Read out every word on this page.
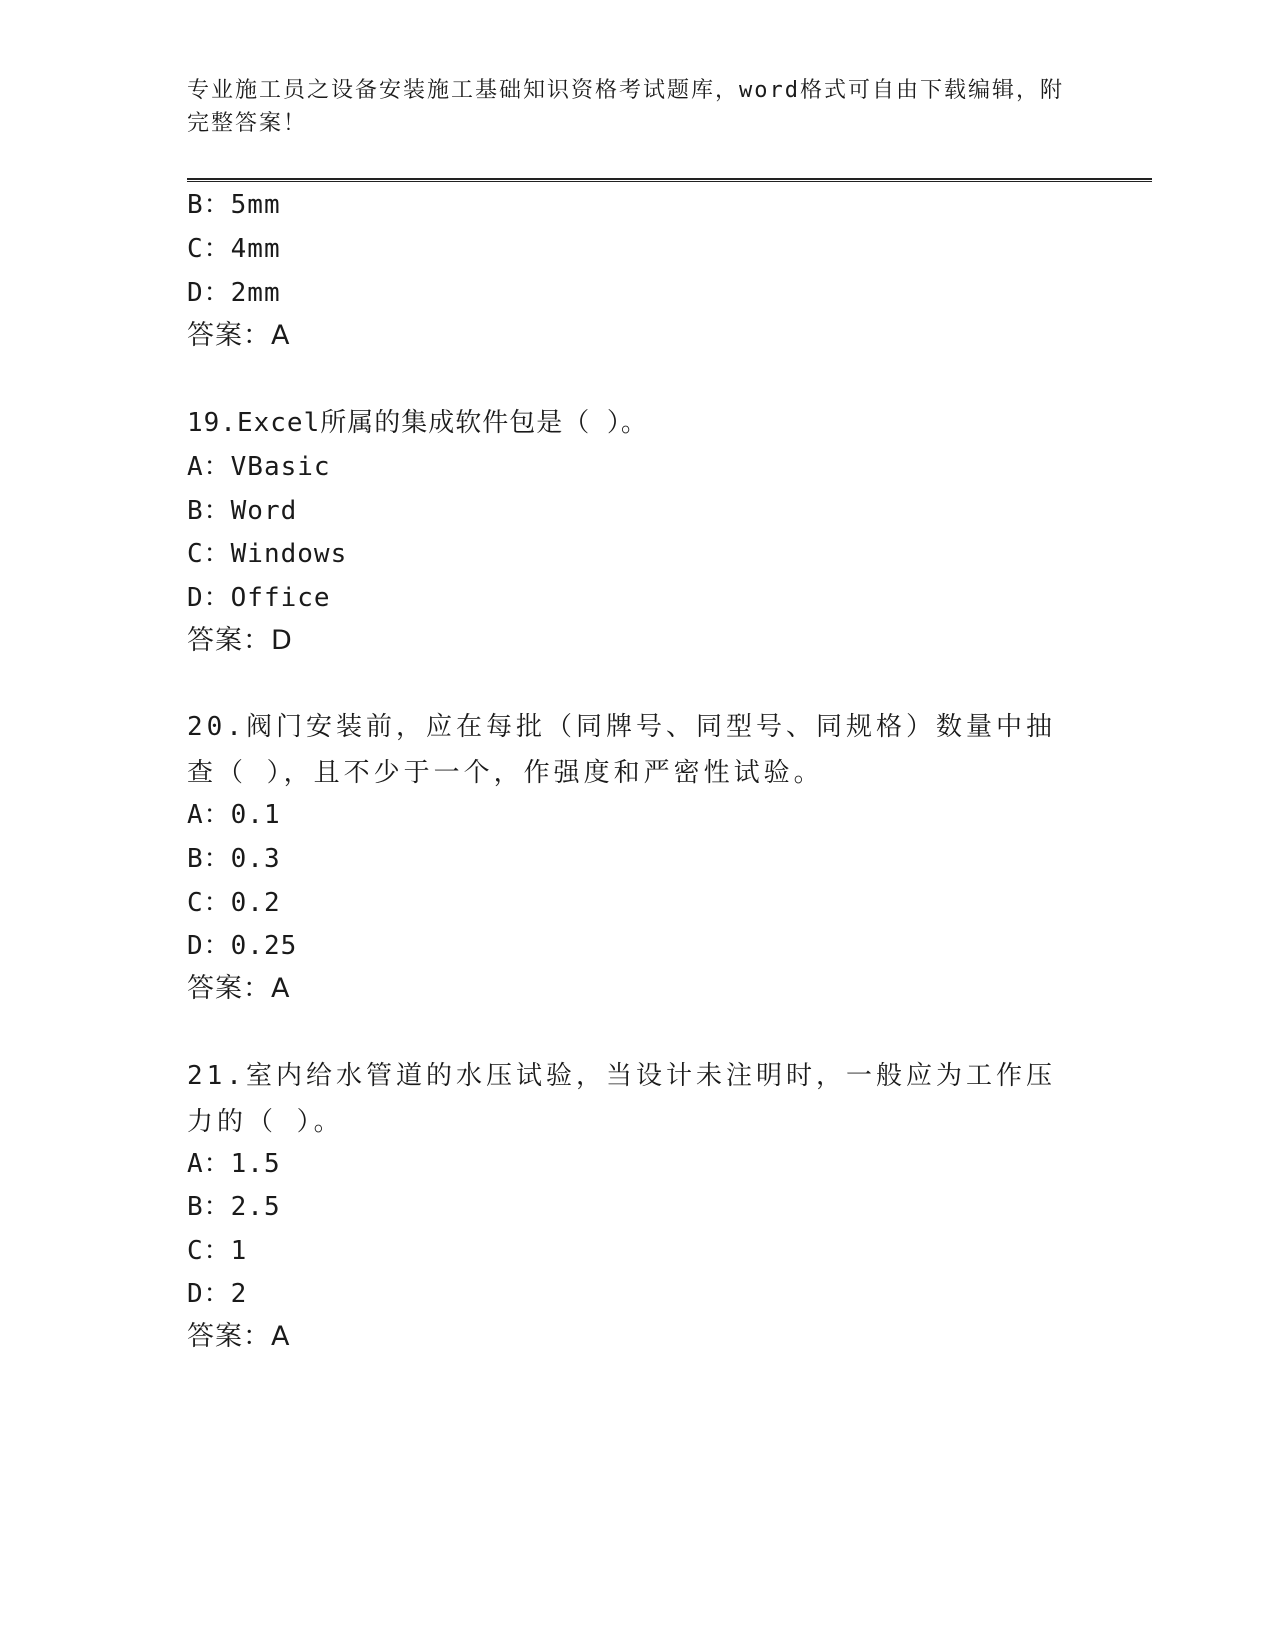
专业施工员之设备安装施工基础知识资格考试题库，word格式可自由下载编辑，附完整答案！
B：5mm
C：4mm
D：2mm
答案：A
19.Excel所属的集成软件包是（ ）。
A：VBasic
B：Word
C：Windows
D：Office
答案：D
20.阀门安装前，应在每批（同牌号、同型号、同规格）数量中抽查（ ），且不少于一个，作强度和严密性试验。
A：0.1
B：0.3
C：0.2
D：0.25
答案：A
21.室内给水管道的水压试验，当设计未注明时，一般应为工作压力的（ ）。
A：1.5
B：2.5
C：1
D：2
答案：A
